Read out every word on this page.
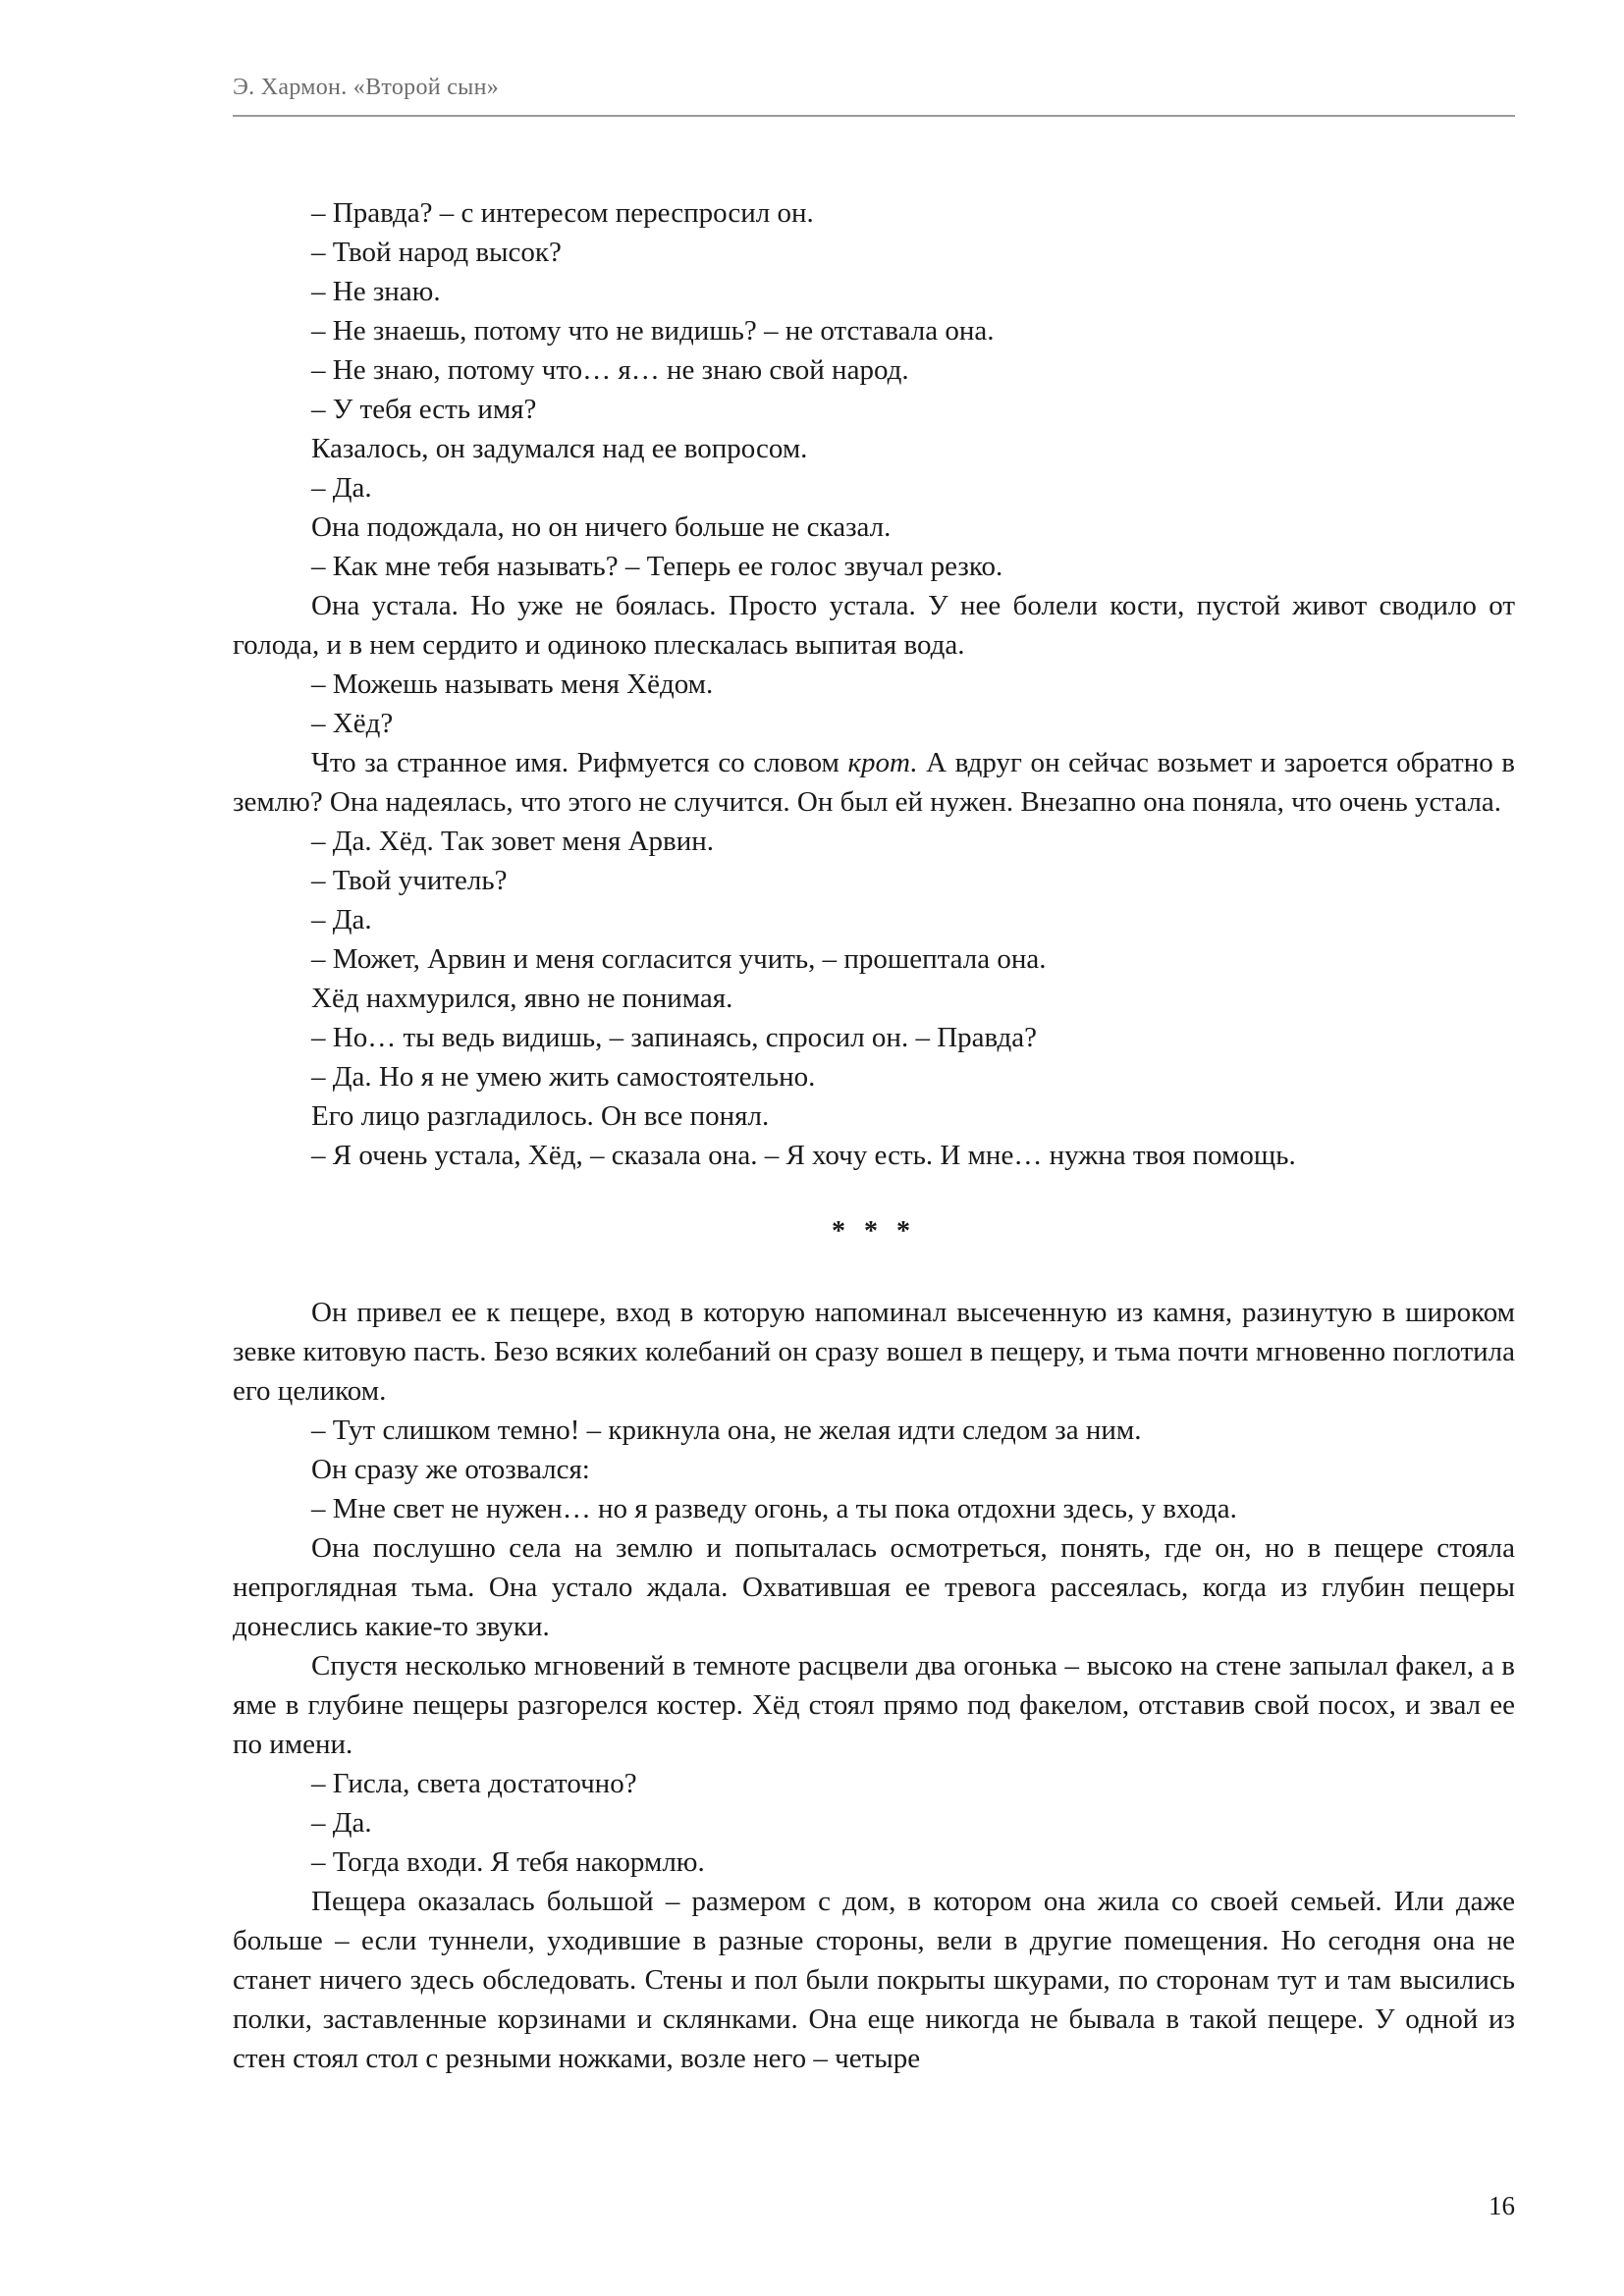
Э. Хармон. «Второй сын»
– Правда? – с интересом переспросил он.
– Твой народ высок?
– Не знаю.
– Не знаешь, потому что не видишь? – не отставала она.
– Не знаю, потому что… я… не знаю свой народ.
– У тебя есть имя?
Казалось, он задумался над ее вопросом.
– Да.
Она подождала, но он ничего больше не сказал.
– Как мне тебя называть? – Теперь ее голос звучал резко.

Она устала. Но уже не боялась. Просто устала. У нее болели кости, пустой живот сводило от голода, и в нем сердито и одиноко плескалась выпитая вода.

– Можешь называть меня Хёдом.
– Хёд?

Что за странное имя. Рифмуется со словом крот. А вдруг он сейчас возьмет и зароется обратно в землю? Она надеялась, что этого не случится. Он был ей нужен. Внезапно она поняла, что очень устала.

– Да. Хёд. Так зовет меня Арвин.
– Твой учитель?
– Да.
– Может, Арвин и меня согласится учить, – прошептала она.
Хёд нахмурился, явно не понимая.
– Но… ты ведь видишь, – запинаясь, спросил он. – Правда?
– Да. Но я не умею жить самостоятельно.
Его лицо разгладилось. Он все понял.
– Я очень устала, Хёд, – сказала она. – Я хочу есть. И мне… нужна твоя помощь.
* * *

Он привел ее к пещере, вход в которую напоминал высеченную из камня, разинутую в широком зевке китовую пасть. Безо всяких колебаний он сразу вошел в пещеру, и тьма почти мгновенно поглотила его целиком.

– Тут слишком темно! – крикнула она, не желая идти следом за ним.
Он сразу же отозвался:
– Мне свет не нужен… но я разведу огонь, а ты пока отдохни здесь, у входа.

Она послушно села на землю и попыталась осмотреться, понять, где он, но в пещере стояла непроглядная тьма. Она устало ждала. Охватившая ее тревога рассеялась, когда из глубин пещеры донеслись какие-то звуки.

Спустя несколько мгновений в темноте расцвели два огонька – высоко на стене запылал факел, а в яме в глубине пещеры разгорелся костер. Хёд стоял прямо под факелом, отставив свой посох, и звал ее по имени.

– Гисла, света достаточно?
– Да.
– Тогда входи. Я тебя накормлю.

Пещера оказалась большой – размером с дом, в котором она жила со своей семьей. Или даже больше – если туннели, уходившие в разные стороны, вели в другие помещения. Но сегодня она не станет ничего здесь обследовать. Стены и пол были покрыты шкурами, по сторонам тут и там высились полки, заставленные корзинами и склянками. Она еще никогда не бывала в такой пещере. У одной из стен стоял стол с резными ножками, возле него – четыре

16
